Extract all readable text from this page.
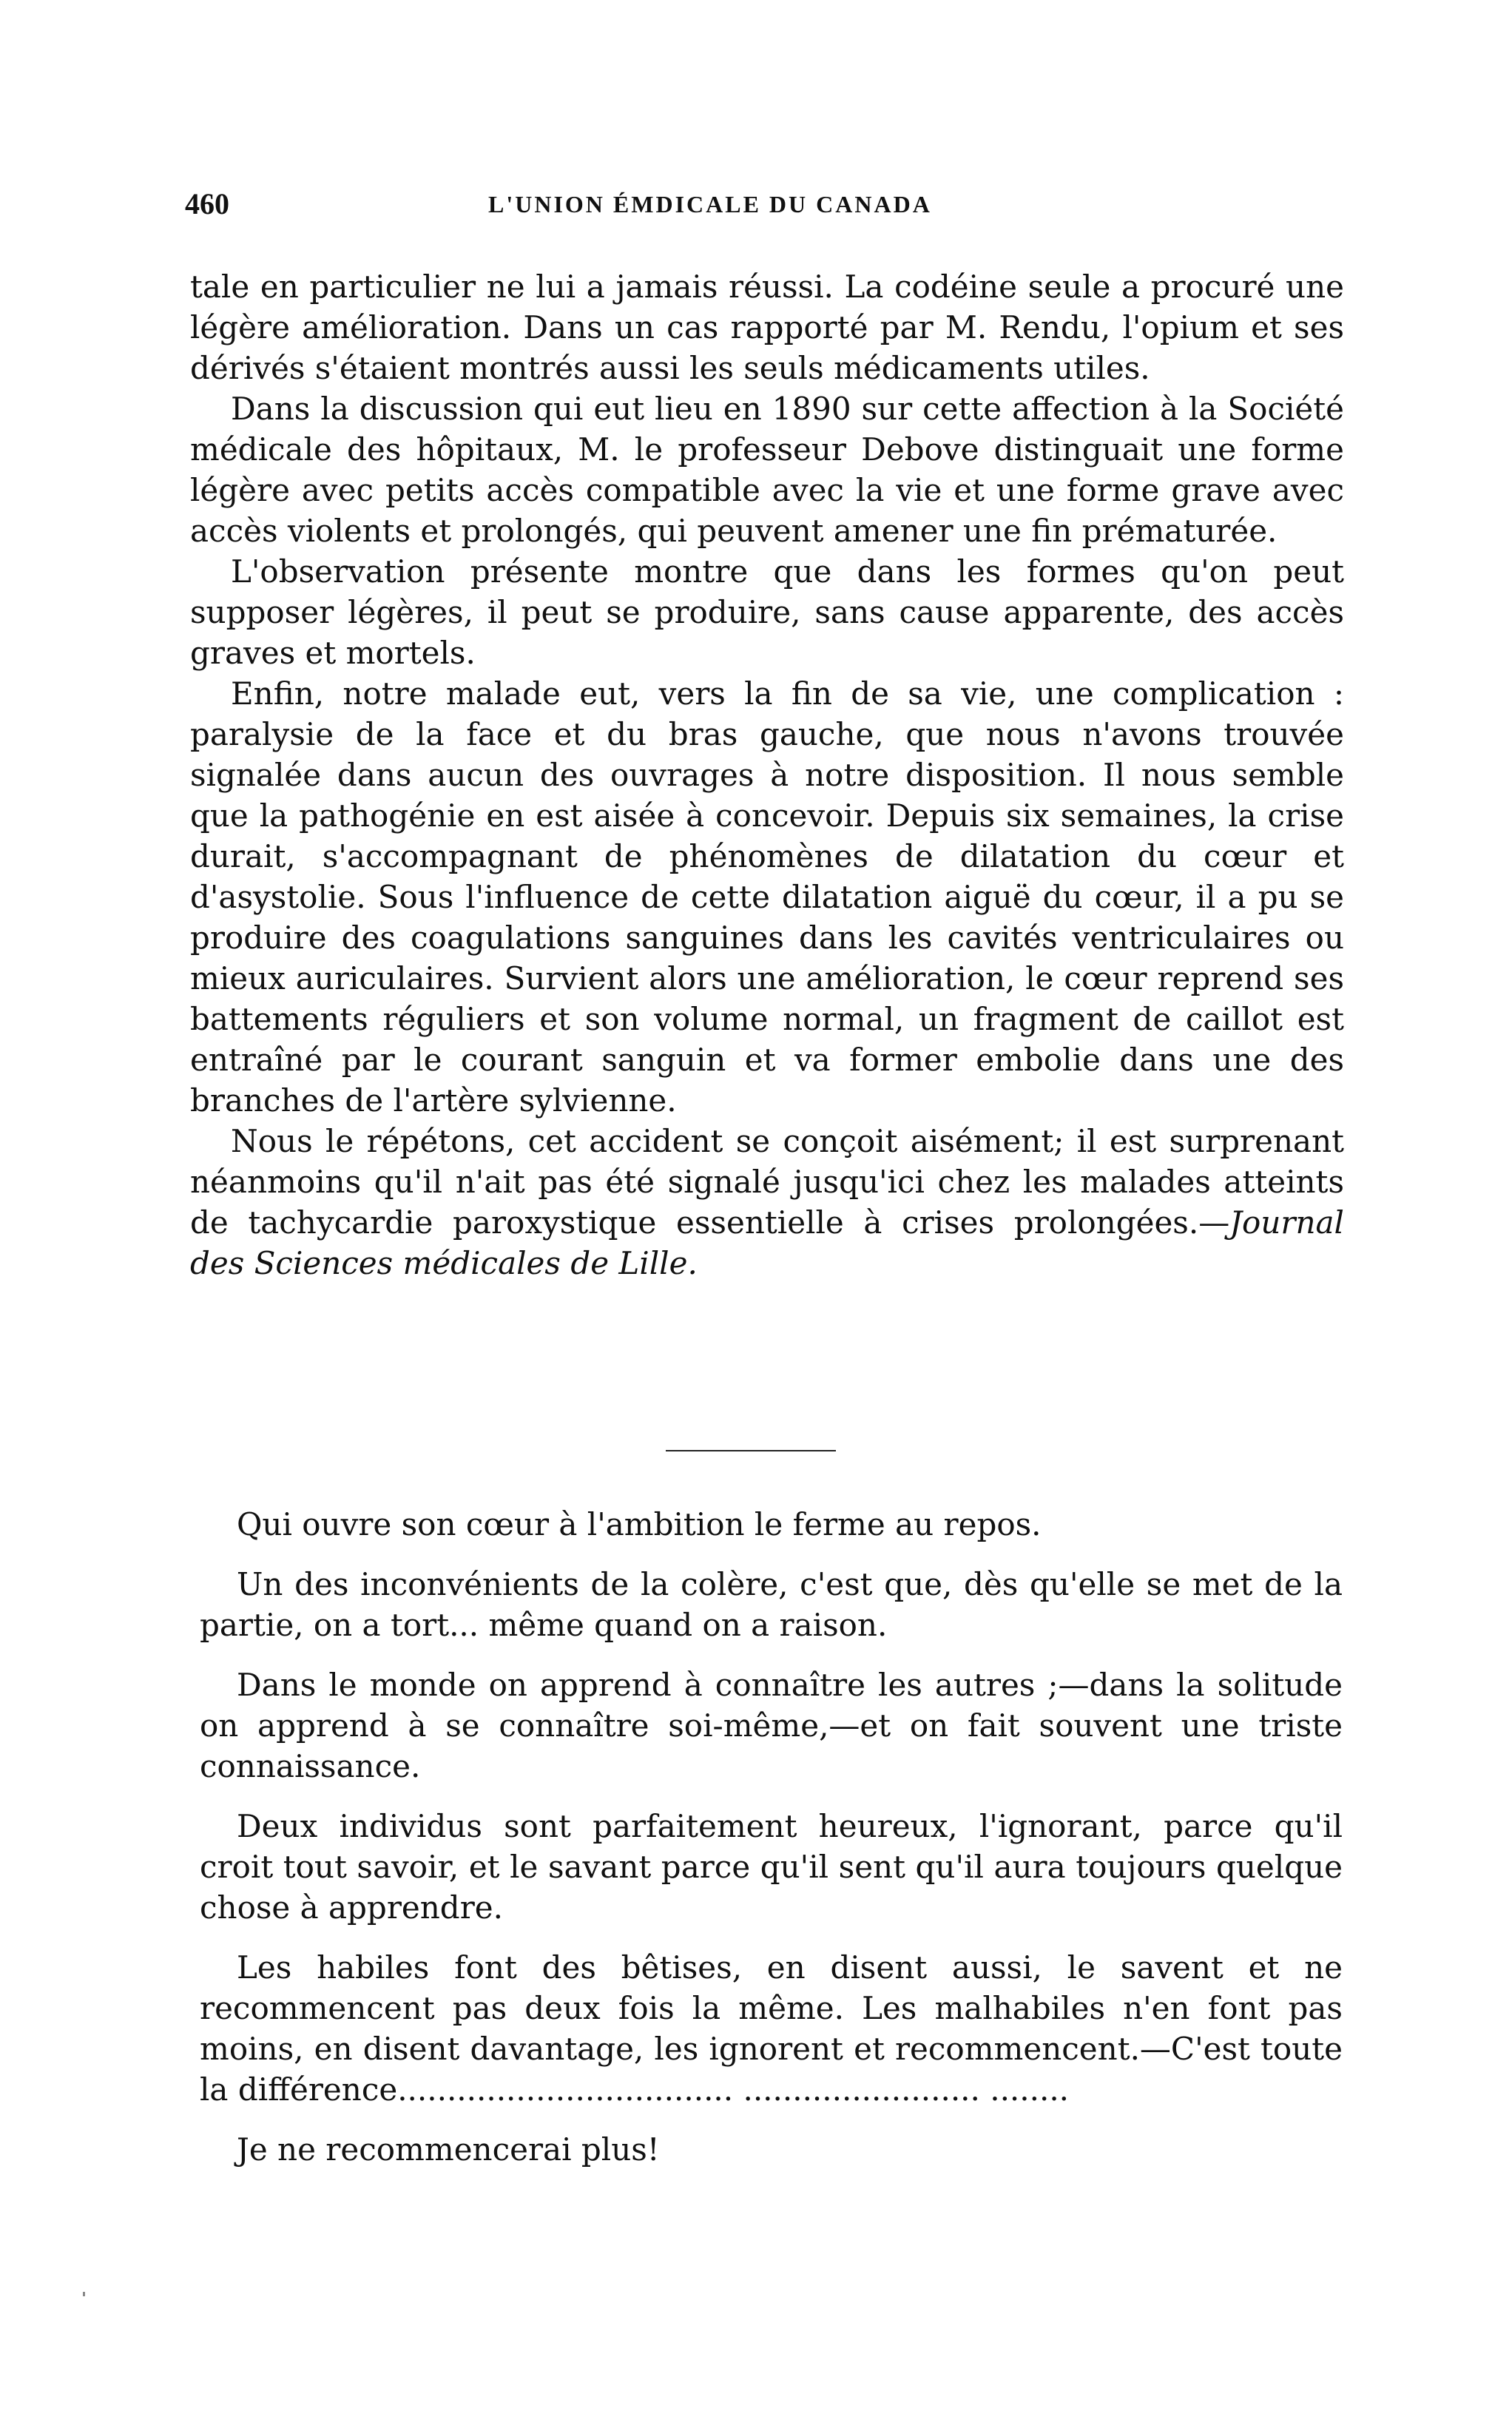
460	L'UNION ÉMDICALE DU CANADA

tale en particulier ne lui a jamais réussi. La codéine seule a procuré une légère amélioration. Dans un cas rapporté par M. Rendu, l'opium et ses dérivés s'étaient montrés aussi les seuls médicaments utiles.

Dans la discussion qui eut lieu en 1890 sur cette affection à la Société médicale des hôpitaux, M. le professeur Debove distinguait une forme légère avec petits accès compatible avec la vie et une forme grave avec accès violents et prolongés, qui peuvent amener une fin prématurée.

L'observation présente montre que dans les formes qu'on peut supposer légères, il peut se produire, sans cause apparente, des accès graves et mortels.

Enfin, notre malade eut, vers la fin de sa vie, une complication : paralysie de la face et du bras gauche, que nous n'avons trouvée signalée dans aucun des ouvrages à notre disposition. Il nous semble que la pathogénie en est aisée à concevoir. Depuis six semaines, la crise durait, s'accompagnant de phénomènes de dilatation du cœur et d'asystolie. Sous l'influence de cette dilatation aiguë du cœur, il a pu se produire des coagulations sanguines dans les cavités ventriculaires ou mieux auriculaires. Survient alors une amélioration, le cœur reprend ses battements réguliers et son volume normal, un fragment de caillot est entraîné par le courant sanguin et va former embolie dans une des branches de l'artère sylvienne.

Nous le répétons, cet accident se conçoit aisément; il est surprenant néanmoins qu'il n'ait pas été signalé jusqu'ici chez les malades atteints de tachycardie paroxystique essentielle à crises prolongées.—Journal des Sciences médicales de Lille.

Qui ouvre son cœur à l'ambition le ferme au repos.

Un des inconvénients de la colère, c'est que, dès qu'elle se met de la partie, on a tort... même quand on a raison.

Dans le monde on apprend à connaître les autres ;—dans la solitude on apprend à se connaître soi-même,—et on fait souvent une triste connaissance.

Deux individus sont parfaitement heureux, l'ignorant, parce qu'il croit tout savoir, et le savant parce qu'il sent qu'il aura toujours quelque chose à apprendre.

Les habiles font des bêtises, en disent aussi, le savent et ne recommencent pas deux fois la même. Les malhabiles n'en font pas moins, en disent davantage, les ignorent et recommencent.—C'est toute la différence.................................. ........................ ........

Je ne recommencerai plus!
